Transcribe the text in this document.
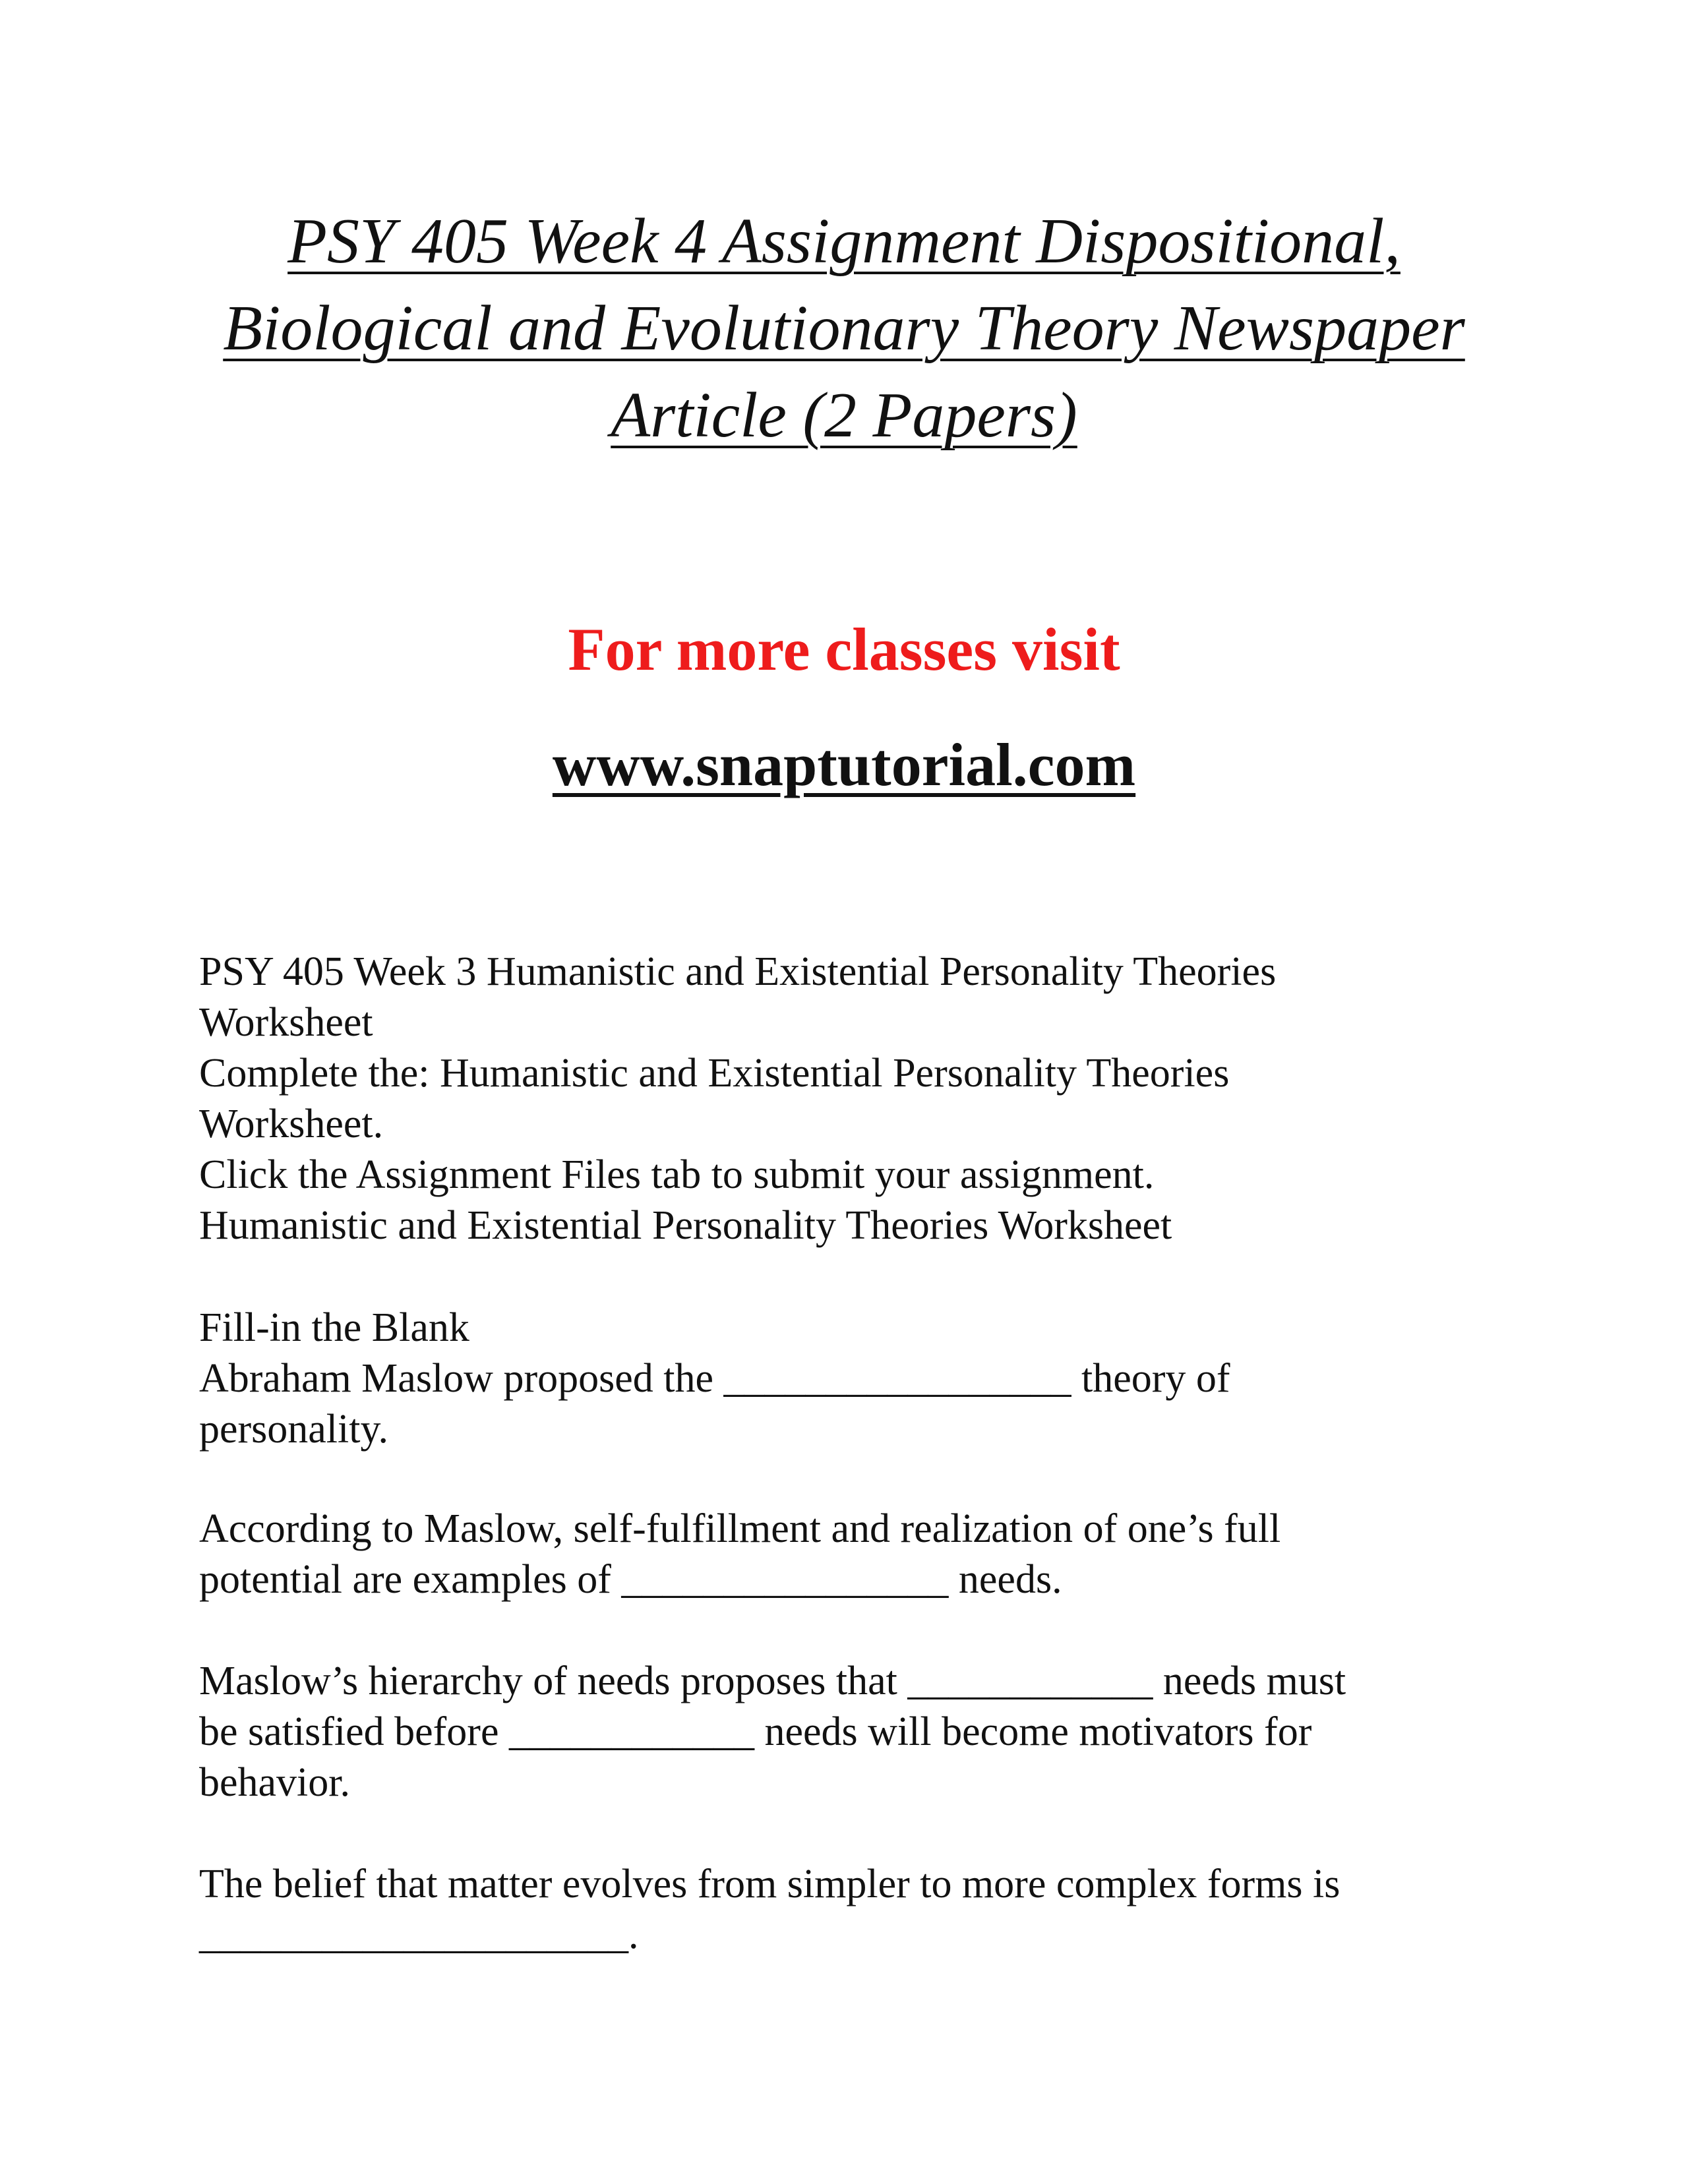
PSY 405 Week 4 Assignment Dispositional,
Biological and Evolutionary Theory Newspaper
Article (2 Papers)

For more classes visit

www.snaptutorial.com

PSY 405 Week 3 Humanistic and Existential Personality Theories
Worksheet
Complete the: Humanistic and Existential Personality Theories
Worksheet.
Click the Assignment Files tab to submit your assignment.
Humanistic and Existential Personality Theories Worksheet

Fill-in the Blank
Abraham Maslow proposed the _________________ theory of
personality.

According to Maslow, self-fulfillment and realization of one’s full
potential are examples of ________________ needs.

Maslow’s hierarchy of needs proposes that ____________ needs must
be satisfied before ____________ needs will become motivators for
behavior.

The belief that matter evolves from simpler to more complex forms is
_____________________.
